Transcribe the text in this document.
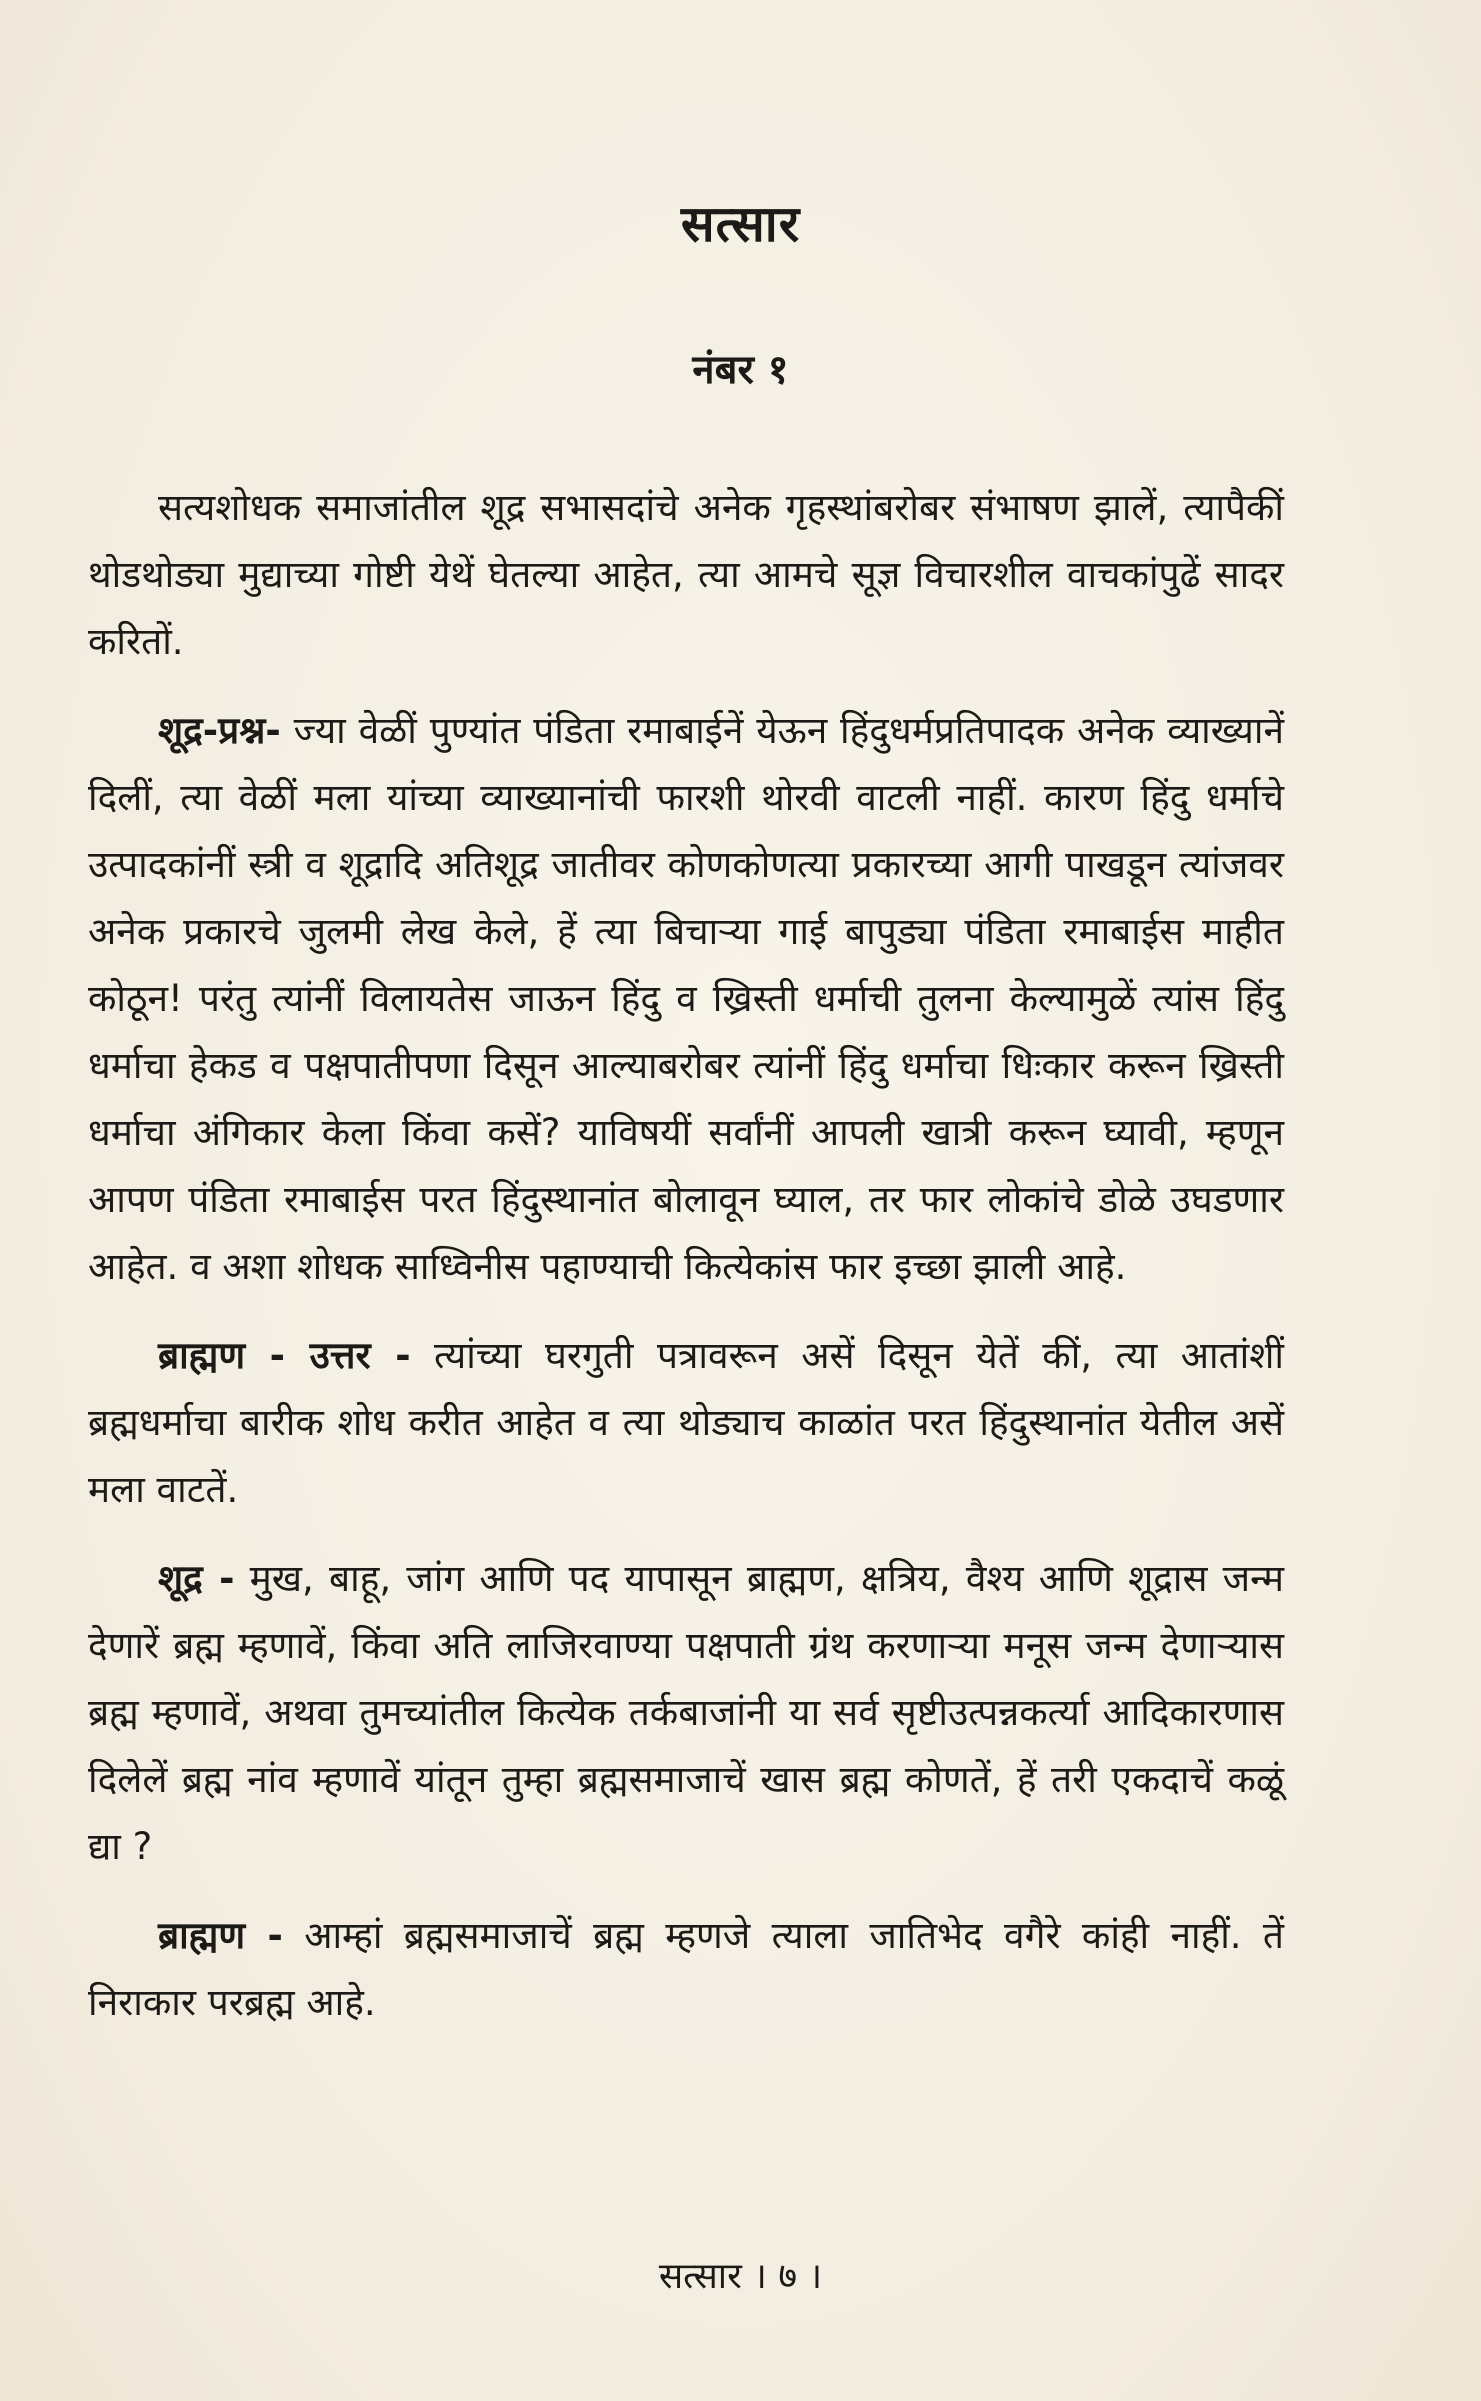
सत्सार
नंबर १

सत्यशोधक समाजांतील शूद्र सभासदांचे अनेक गृहस्थांबरोबर संभाषण झालें, त्यापैकीं थोडथोड्या मुद्याच्या गोष्टी येथें घेतल्या आहेत, त्या आमचे सूज्ञ विचारशील वाचकांपुढें सादर करितों.

शूद्र-प्रश्न- ज्या वेळीं पुण्यांत पंडिता रमाबाईनें येऊन हिंदुधर्मप्रतिपादक अनेक व्याख्यानें दिलीं, त्या वेळीं मला यांच्या व्याख्यानांची फारशी थोरवी वाटली नाहीं. कारण हिंदु धर्माचे उत्पादकांनीं स्त्री व शूद्रादि अतिशूद्र जातीवर कोणकोणत्या प्रकारच्या आगी पाखडून त्यांजवर अनेक प्रकारचे जुलमी लेख केले, हें त्या बिचाऱ्या गाई बापुड्या पंडिता रमाबाईस माहीत कोठून! परंतु त्यांनीं विलायतेस जाऊन हिंदु व ख्रिस्ती धर्माची तुलना केल्यामुळें त्यांस हिंदु धर्माचा हेकड व पक्षपातीपणा दिसून आल्याबरोबर त्यांनीं हिंदु धर्माचा धिःकार करून ख्रिस्ती धर्माचा अंगिकार केला किंवा कसें? याविषयीं सर्वांनीं आपली खात्री करून घ्यावी, म्हणून आपण पंडिता रमाबाईस परत हिंदुस्थानांत बोलावून घ्याल, तर फार लोकांचे डोळे उघडणार आहेत. व अशा शोधक साध्विनीस पहाण्याची कित्येकांस फार इच्छा झाली आहे.

ब्राह्मण - उत्तर - त्यांच्या घरगुती पत्रावरून असें दिसून येतें कीं, त्या आतांशीं ब्रह्मधर्माचा बारीक शोध करीत आहेत व त्या थोड्याच काळांत परत हिंदुस्थानांत येतील असें मला वाटतें.

शूद्र - मुख, बाहू, जांग आणि पद यापासून ब्राह्मण, क्षत्रिय, वैश्य आणि शूद्रास जन्म देणारें ब्रह्म म्हणावें, किंवा अति लाजिरवाण्या पक्षपाती ग्रंथ करणाऱ्या मनूस जन्म देणाऱ्यास ब्रह्म म्हणावें, अथवा तुमच्यांतील कित्येक तर्कबाजांनी या सर्व सृष्टीउत्पन्नकर्त्या आदिकारणास दिलेलें ब्रह्म नांव म्हणावें यांतून तुम्हा ब्रह्मसमाजाचें खास ब्रह्म कोणतें, हें तरी एकदाचें कळूं द्या ?

ब्राह्मण - आम्हां ब्रह्मसमाजाचें ब्रह्म म्हणजे त्याला जातिभेद वगैरे कांही नाहीं. तें निराकार परब्रह्म आहे.

सत्सार । ७ ।
